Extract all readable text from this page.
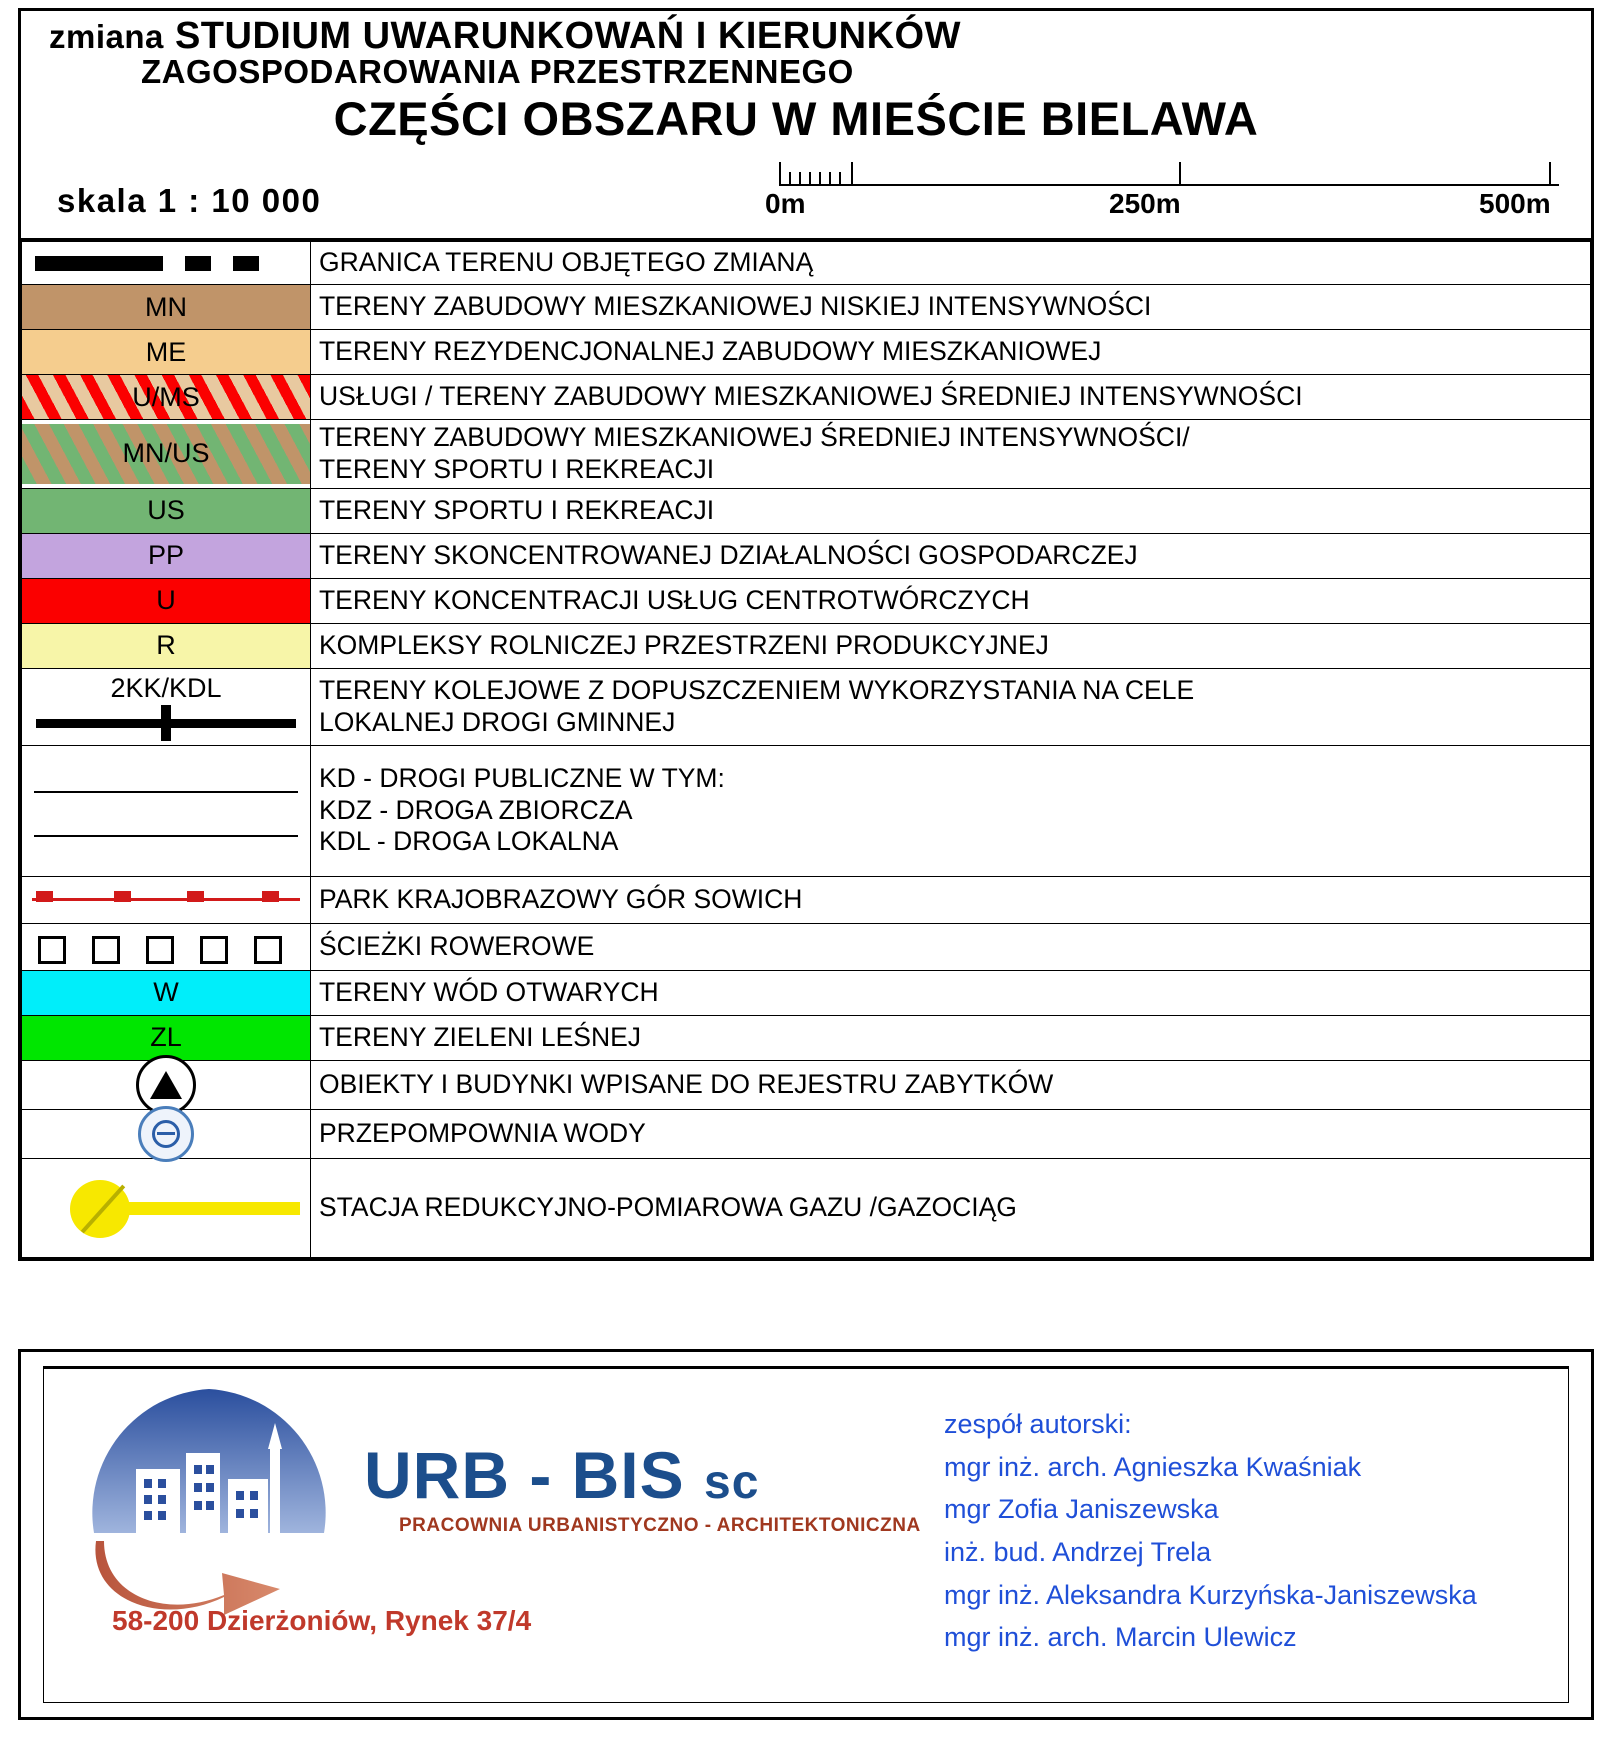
zmiana STUDIUM UWARUNKOWAŃ I KIERUNKÓW
ZAGOSPODAROWANIA PRZESTRZENNEGO
CZĘŚCI OBSZARU W MIEŚCIE BIELAWA
skala 1 : 10 000	0m	250m	500m

	GRANICA TERENU OBJĘTEGO ZMIANĄ

MN	TERENY ZABUDOWY MIESZKANIOWEJ NISKIEJ INTENSYWNOŚCI

ME	TERENY REZYDENCJONALNEJ ZABUDOWY MIESZKANIOWEJ

U/MS	USŁUGI / TERENY ZABUDOWY MIESZKANIOWEJ ŚREDNIEJ INTENSYWNOŚCI

MN/US	TERENY ZABUDOWY MIESZKANIOWEJ ŚREDNIEJ INTENSYWNOŚCI/
TERENY SPORTU I REKREACJI

US	TERENY SPORTU I REKREACJI

PP	TERENY SKONCENTROWANEJ DZIAŁALNOŚCI GOSPODARCZEJ

U	TERENY KONCENTRACJI USŁUG CENTROTWÓRCZYCH

R	KOMPLEKSY ROLNICZEJ PRZESTRZENI PRODUKCYJNEJ

2KK/KDL	TERENY KOLEJOWE Z DOPUSZCZENIEM WYKORZYSTANIA NA CELE
LOKALNEJ DROGI GMINNEJ

	KD - DROGI PUBLICZNE W TYM:
KDZ - DROGA ZBIORCZA
KDL - DROGA LOKALNA

	PARK KRAJOBRAZOWY GÓR SOWICH

	ŚCIEŻKI ROWEROWE

W	TERENY WÓD OTWARYCH

ZL	TERENY ZIELENI LEŚNEJ

	OBIEKTY I BUDYNKI WPISANE DO REJESTRU ZABYTKÓW

	PRZEPOMPOWNIA WODY

	STACJA REDUKCYJNO-POMIAROWA GAZU /GAZOCIĄG
URB - BIS sc
PRACOWNIA URBANISTYCZNO - ARCHITEKTONICZNA
58-200 Dzierżoniów, Rynek 37/4
zespół autorski:
mgr inż. arch. Agnieszka Kwaśniak
mgr Zofia Janiszewska
inż. bud. Andrzej Trela
mgr inż. Aleksandra Kurzyńska-Janiszewska
mgr inż. arch. Marcin Ulewicz
